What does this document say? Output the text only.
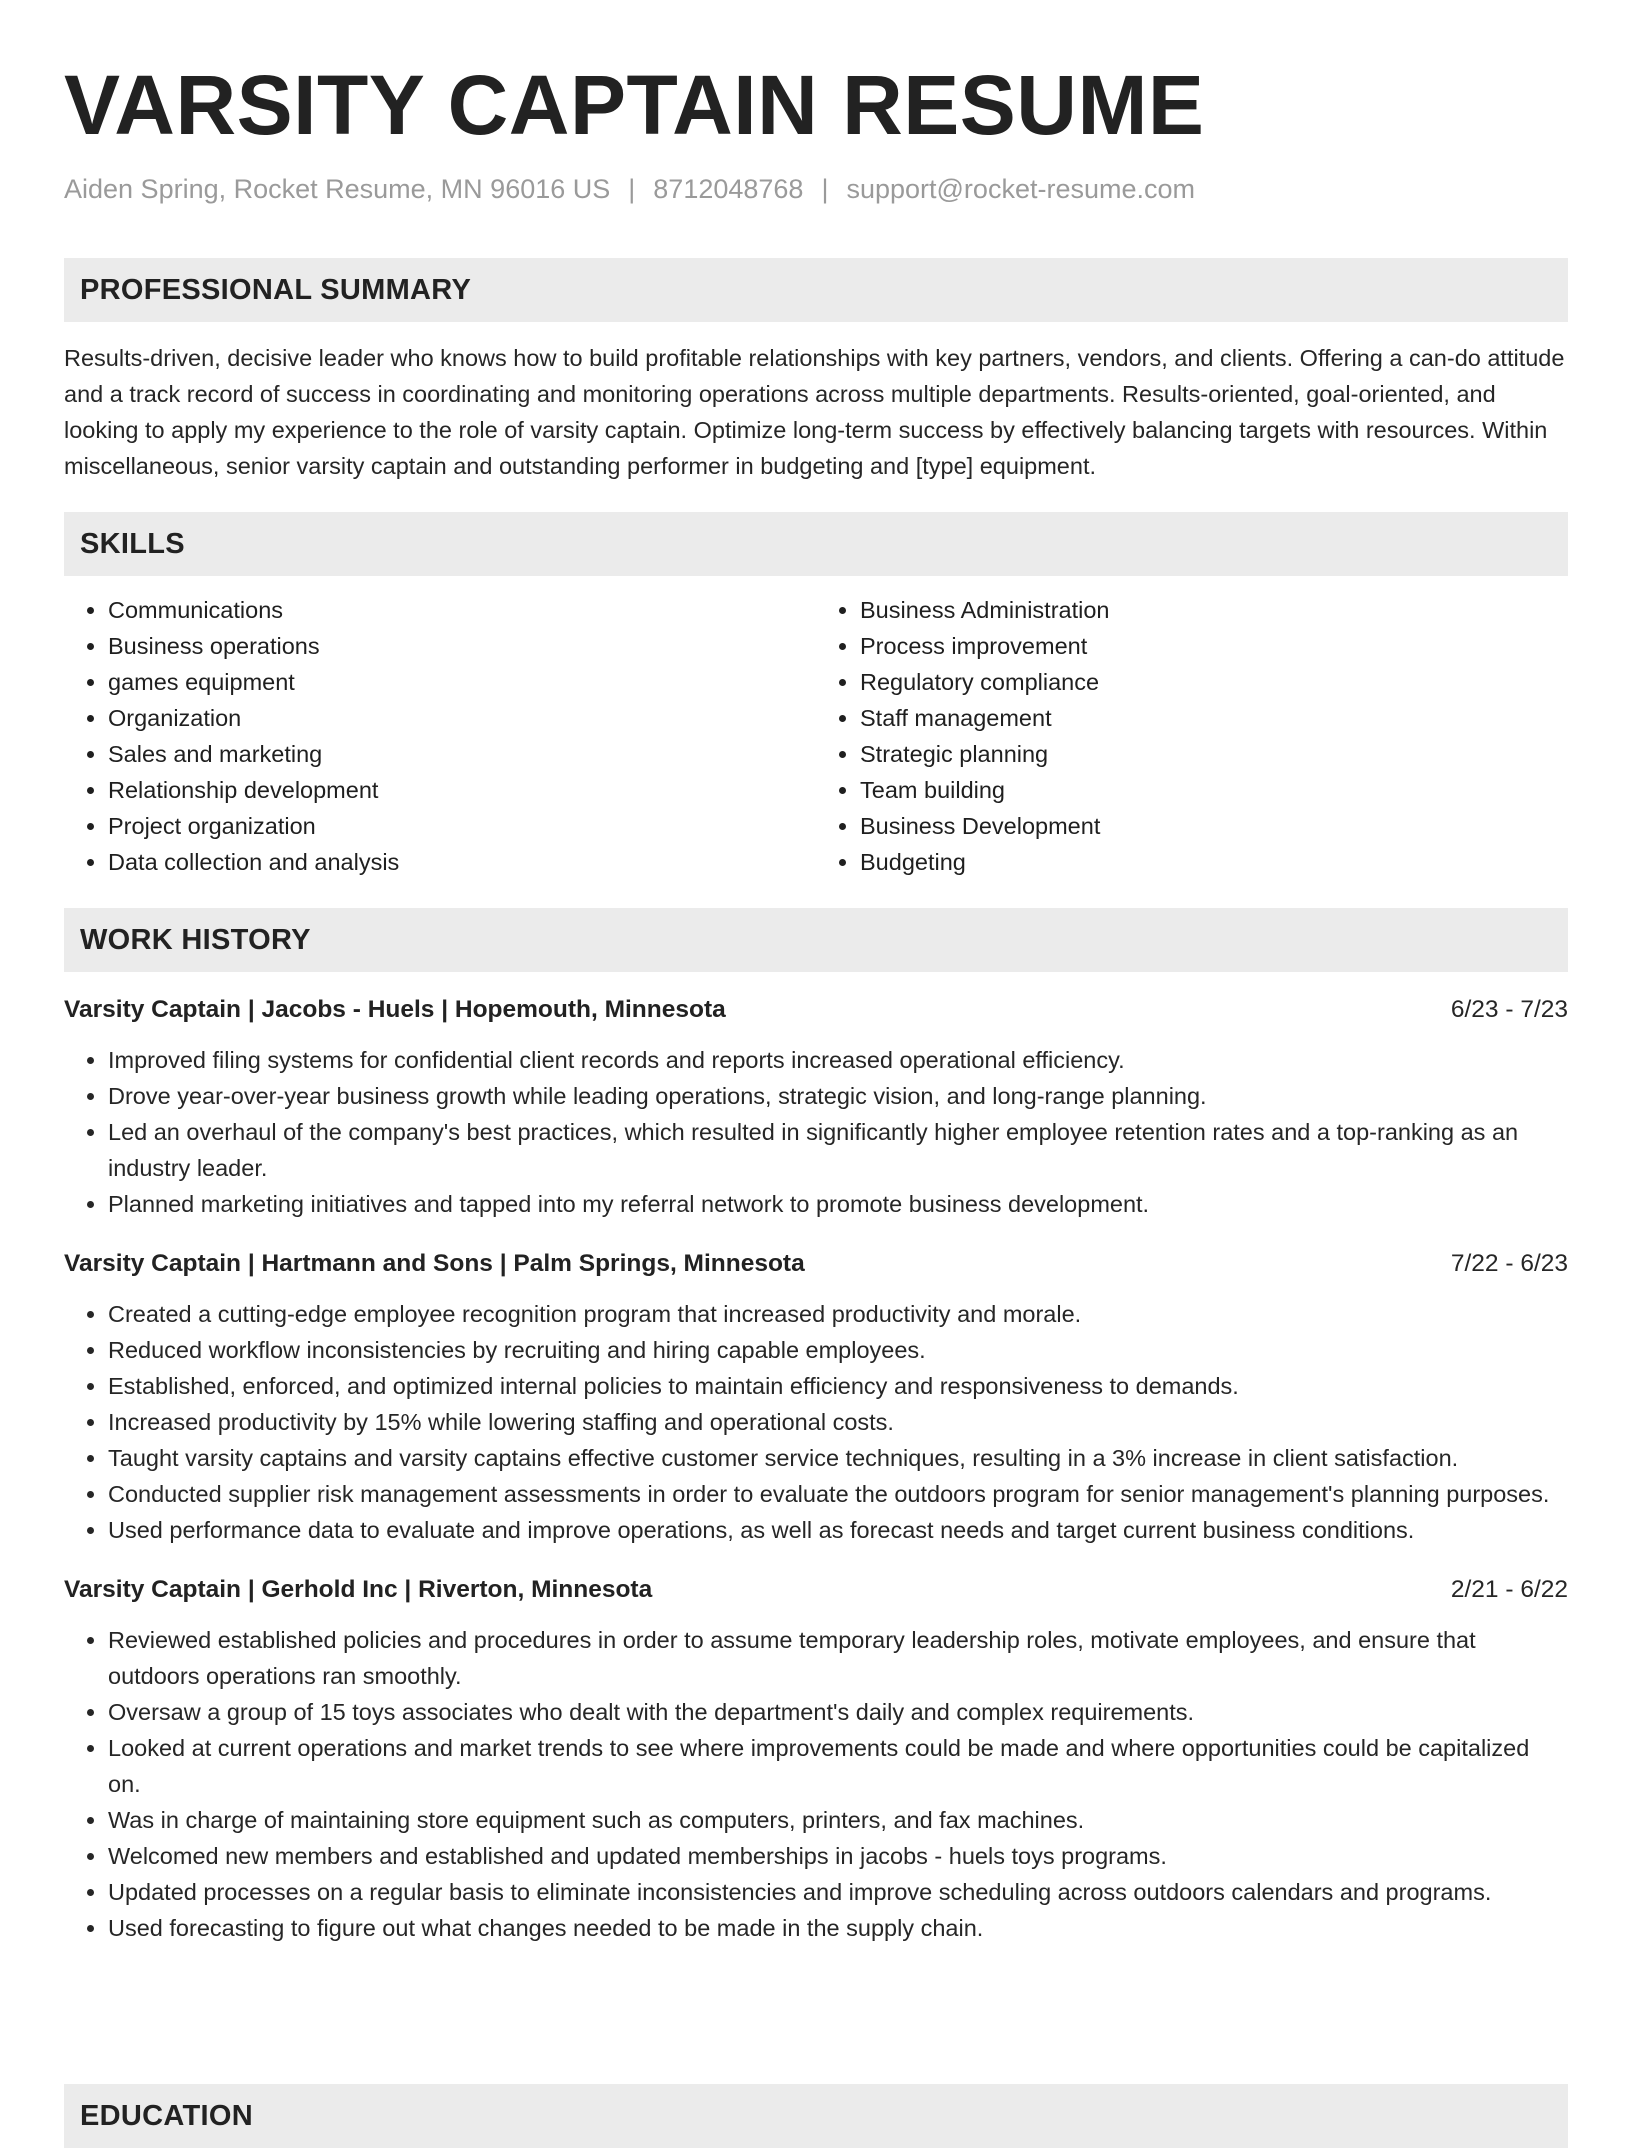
VARSITY CAPTAIN RESUME
Aiden Spring, Rocket Resume, MN 96016 US | 8712048768 | support@rocket-resume.com
PROFESSIONAL SUMMARY
Results-driven, decisive leader who knows how to build profitable relationships with key partners, vendors, and clients. Offering a can-do attitude and a track record of success in coordinating and monitoring operations across multiple departments. Results-oriented, goal-oriented, and looking to apply my experience to the role of varsity captain. Optimize long-term success by effectively balancing targets with resources. Within miscellaneous, senior varsity captain and outstanding performer in budgeting and [type] equipment.
SKILLS
• Communications
• Business operations
• games equipment
• Organization
• Sales and marketing
• Relationship development
• Project organization
• Data collection and analysis
• Business Administration
• Process improvement
• Regulatory compliance
• Staff management
• Strategic planning
• Team building
• Business Development
• Budgeting
WORK HISTORY
Varsity Captain | Jacobs - Huels | Hopemouth, Minnesota	6/23 - 7/23
• Improved filing systems for confidential client records and reports increased operational efficiency.
• Drove year-over-year business growth while leading operations, strategic vision, and long-range planning.
• Led an overhaul of the company's best practices, which resulted in significantly higher employee retention rates and a top-ranking as an industry leader.
• Planned marketing initiatives and tapped into my referral network to promote business development.
Varsity Captain | Hartmann and Sons | Palm Springs, Minnesota	7/22 - 6/23
• Created a cutting-edge employee recognition program that increased productivity and morale.
• Reduced workflow inconsistencies by recruiting and hiring capable employees.
• Established, enforced, and optimized internal policies to maintain efficiency and responsiveness to demands.
• Increased productivity by 15% while lowering staffing and operational costs.
• Taught varsity captains and varsity captains effective customer service techniques, resulting in a 3% increase in client satisfaction.
• Conducted supplier risk management assessments in order to evaluate the outdoors program for senior management's planning purposes.
• Used performance data to evaluate and improve operations, as well as forecast needs and target current business conditions.
Varsity Captain | Gerhold Inc | Riverton, Minnesota	2/21 - 6/22
• Reviewed established policies and procedures in order to assume temporary leadership roles, motivate employees, and ensure that outdoors operations ran smoothly.
• Oversaw a group of 15 toys associates who dealt with the department's daily and complex requirements.
• Looked at current operations and market trends to see where improvements could be made and where opportunities could be capitalized on.
• Was in charge of maintaining store equipment such as computers, printers, and fax machines.
• Welcomed new members and established and updated memberships in jacobs - huels toys programs.
• Updated processes on a regular basis to eliminate inconsistencies and improve scheduling across outdoors calendars and programs.
• Used forecasting to figure out what changes needed to be made in the supply chain.
EDUCATION
